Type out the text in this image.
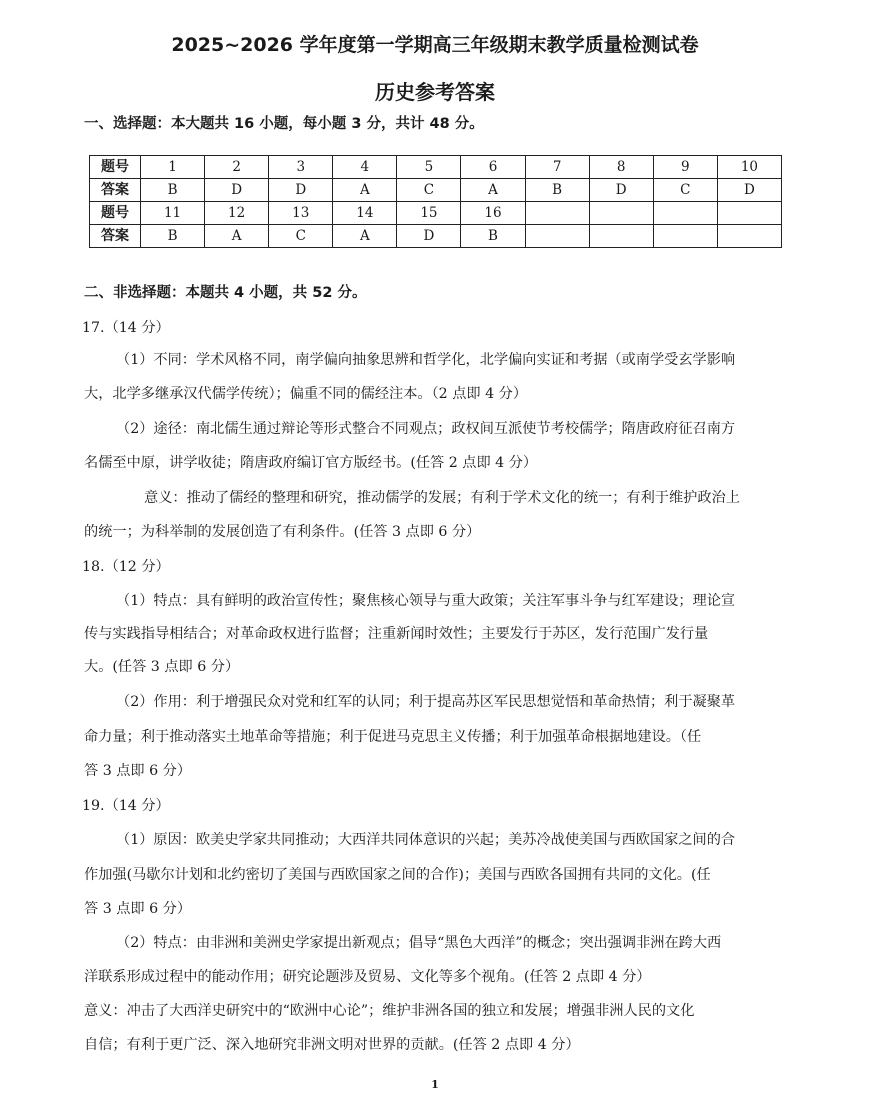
2025~2026 学年度第一学期高三年级期末教学质量检测试卷
历史参考答案
一、选择题：本大题共 16 小题，每小题 3 分，共计 48 分。
题号	1	2	3	4	5	6	7	8	9	10
答案	B	D	D	A	C	A	B	D	C	D
题号	11	12	13	14	15	16				
答案	B	A	C	A	D	B				
二、非选择题：本题共 4 小题，共 52 分。
17.（14 分）
（1）不同：学术风格不同，南学偏向抽象思辨和哲学化，北学偏向实证和考据（或南学受玄学影响
大，北学多继承汉代儒学传统）；偏重不同的儒经注本。（2 点即 4 分）
（2）途径：南北儒生通过辩论等形式整合不同观点；政权间互派使节考校儒学；隋唐政府征召南方
名儒至中原，讲学收徒；隋唐政府编订官方版经书。(任答 2 点即 4 分）
意义：推动了儒经的整理和研究，推动儒学的发展；有利于学术文化的统一；有利于维护政治上
的统一；为科举制的发展创造了有利条件。(任答 3 点即 6 分）
18.（12 分）
（1）特点：具有鲜明的政治宣传性；聚焦核心领导与重大政策；关注军事斗争与红军建设；理论宣
传与实践指导相结合；对革命政权进行监督；注重新闻时效性；主要发行于苏区，发行范围广发行量
大。(任答 3 点即 6 分）
（2）作用：利于增强民众对党和红军的认同；利于提高苏区军民思想觉悟和革命热情；利于凝聚革
命力量；利于推动落实土地革命等措施；利于促进马克思主义传播；利于加强革命根据地建设。（任
答 3 点即 6 分）
19.（14 分）
（1）原因：欧美史学家共同推动；大西洋共同体意识的兴起；美苏冷战使美国与西欧国家之间的合
作加强(马歇尔计划和北约密切了美国与西欧国家之间的合作)；美国与西欧各国拥有共同的文化。(任
答 3 点即 6 分）
（2）特点：由非洲和美洲史学家提出新观点；倡导“黑色大西洋”的概念；突出强调非洲在跨大西
洋联系形成过程中的能动作用；研究论题涉及贸易、文化等多个视角。(任答 2 点即 4 分）
意义：冲击了大西洋史研究中的“欧洲中心论”；维护非洲各国的独立和发展；增强非洲人民的文化
自信；有利于更广泛、深入地研究非洲文明对世界的贡献。(任答 2 点即 4 分）
1
